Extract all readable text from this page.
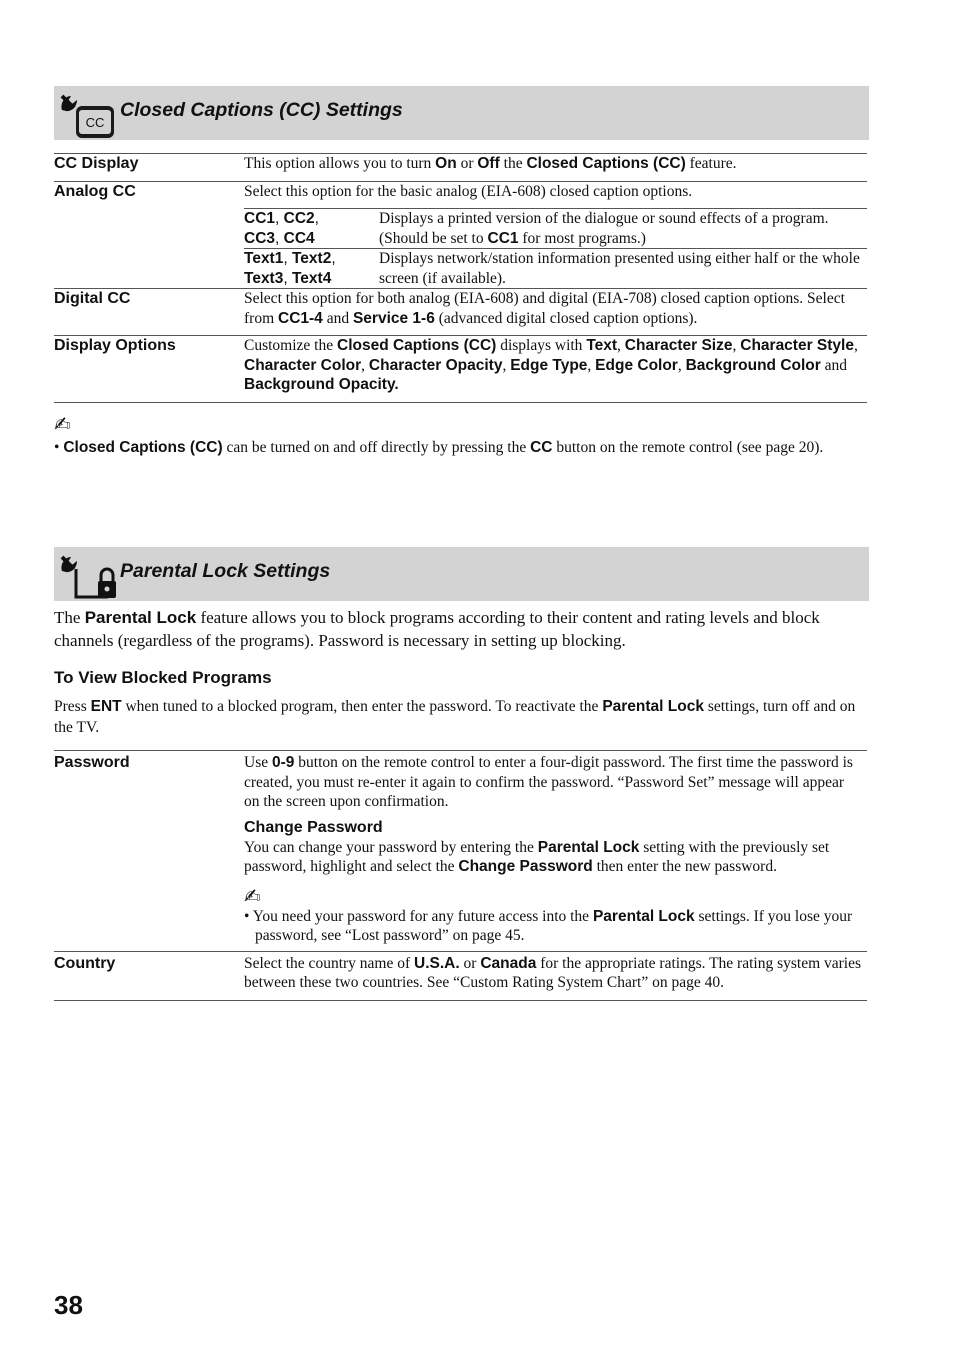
CC
Closed Captions (CC) Settings
CC Display	This option allows you to turn On or Off the Closed Captions (CC) feature.

Analog CC	Select this option for the basic analog (EIA-608) closed caption options.
CC1, CC2,
CC3, CC4	Displays a printed version of the dialogue or sound effects of a program. (Should be set to CC1 for most programs.)
Text1, Text2,
Text3, Text4	Displays network/station information presented using either half or the whole screen (if available).

Digital CC	Select this option for both analog (EIA-608) and digital (EIA-708) closed caption options. Select from CC1-4 and Service 1-6 (advanced digital closed caption options).

Display Options	Customize the Closed Captions (CC) displays with Text, Character Size, Character Style, Character Color, Character Opacity, Edge Type, Edge Color, Background Color and Background Opacity.
✍
• Closed Captions (CC) can be turned on and off directly by pressing the CC button on the remote control (see page 20).
Parental Lock Settings
The Parental Lock feature allows you to block programs according to their content and rating levels and block channels (regardless of the programs). Password is necessary in setting up blocking.
To View Blocked Programs
Press ENT when tuned to a blocked program, then enter the password. To reactivate the Parental Lock settings, turn off and on the TV.
Password	Use 0-9 button on the remote control to enter a four-digit password. The first time the password is created, you must re-enter it again to confirm the password. “Password Set” message will appear on the screen upon confirmation.
Change Password
You can change your password by entering the Parental Lock setting with the previously set password, highlight and select the Change Password then enter the new password.
✍
• You need your password for any future access into the Parental Lock settings. If you lose your password, see “Lost password” on page 45.

Country	Select the country name of U.S.A. or Canada for the appropriate ratings. The rating system varies between these two countries. See “Custom Rating System Chart” on page 40.
38
